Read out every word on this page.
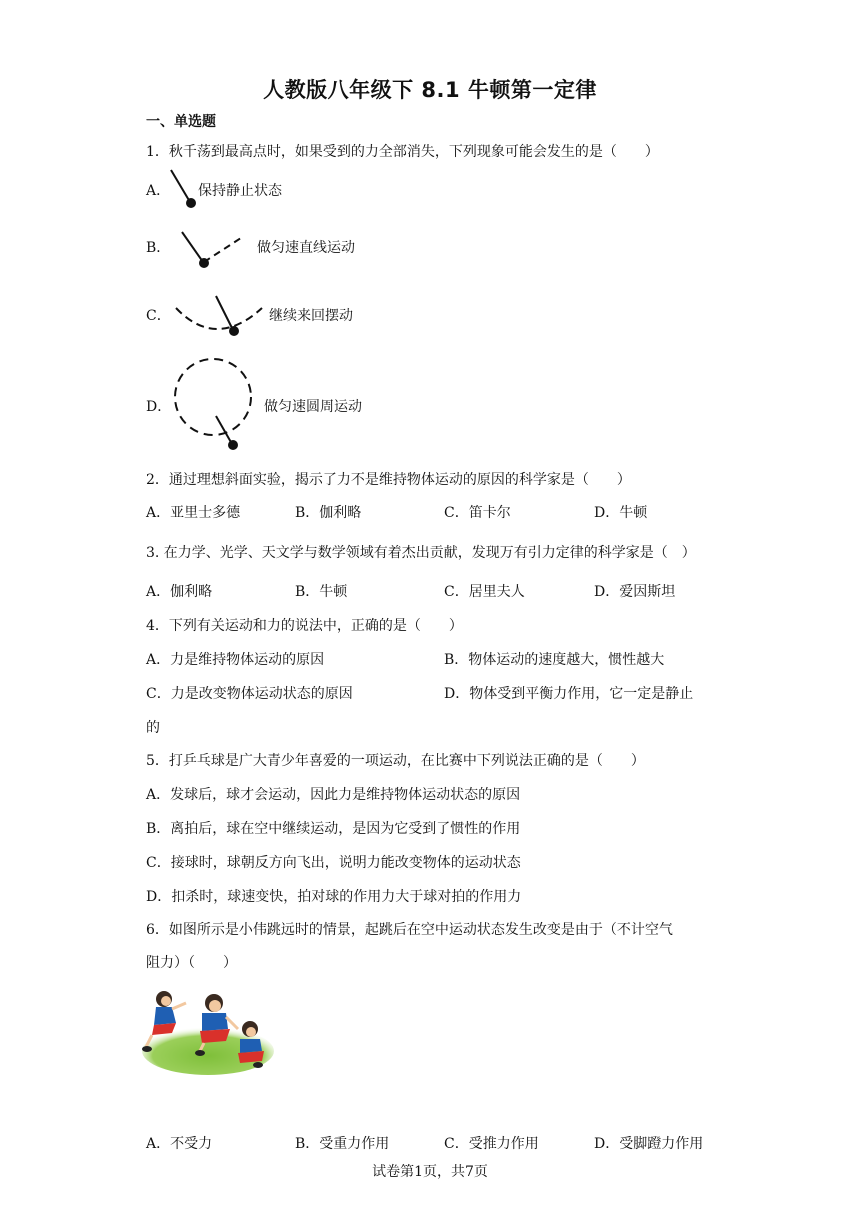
人教版八年级下 8.1 牛顿第一定律
一、单选题
1．秋千荡到最高点时，如果受到的力全部消失，下列现象可能会发生的是（　　）
A． 保持静止状态
B．	做匀速直线运动
C．	继续来回摆动
D．	做匀速圆周运动
2．通过理想斜面实验，揭示了力不是维持物体运动的原因的科学家是（　　）
A．亚里士多德	B．伽利略	C．笛卡尔	D．牛顿
3. 在力学、光学、天文学与数学领域有着杰出贡献，发现万有引力定律的科学家是（　）
A．伽利略	B．牛顿	C．居里夫人	D．爱因斯坦
4．下列有关运动和力的说法中，正确的是（　　）
A．力是维持物体运动的原因	B．物体运动的速度越大，惯性越大
C．力是改变物体运动状态的原因	D．物体受到平衡力作用，它一定是静止
的
5．打乒乓球是广大青少年喜爱的一项运动，在比赛中下列说法正确的是（　　）
A．发球后，球才会运动，因此力是维持物体运动状态的原因
B．离拍后，球在空中继续运动，是因为它受到了惯性的作用
C．接球时，球朝反方向飞出，说明力能改变物体的运动状态
D．扣杀时，球速变快，拍对球的作用力大于球对拍的作用力
6．如图所示是小伟跳远时的情景，起跳后在空中运动状态发生改变是由于（不计空气
阻力）（　　）
A．不受力	B．受重力作用	C．受推力作用	D．受脚蹬力作用
试卷第1页，共7页
